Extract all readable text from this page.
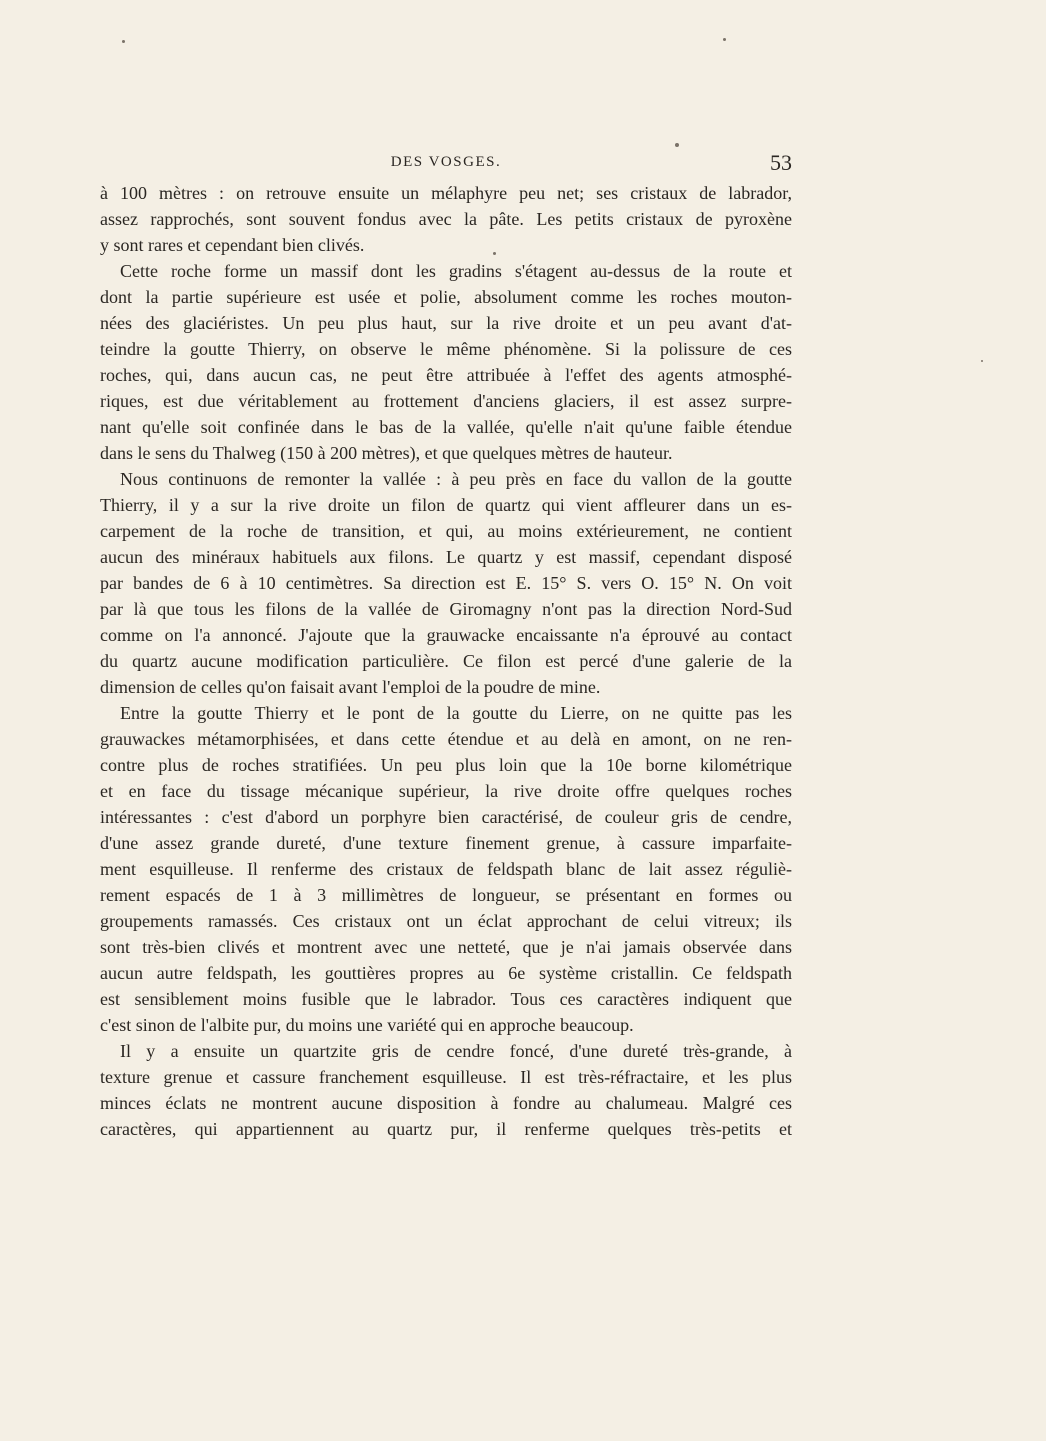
DES VOSGES.	53

à 100 mètres : on retrouve ensuite un mélaphyre peu net; ses cristaux de labrador,
assez rapprochés, sont souvent fondus avec la pâte. Les petits cristaux de pyroxène
y sont rares et cependant bien clivés.

Cette roche forme un massif dont les gradins s'étagent au-dessus de la route et
dont la partie supérieure est usée et polie, absolument comme les roches mouton-
nées des glaciéristes. Un peu plus haut, sur la rive droite et un peu avant d'at-
teindre la goutte Thierry, on observe le même phénomène. Si la polissure de ces
roches, qui, dans aucun cas, ne peut être attribuée à l'effet des agents atmosphé-
riques, est due véritablement au frottement d'anciens glaciers, il est assez surpre-
nant qu'elle soit confinée dans le bas de la vallée, qu'elle n'ait qu'une faible étendue
dans le sens du Thalweg (150 à 200 mètres), et que quelques mètres de hauteur.

Nous continuons de remonter la vallée : à peu près en face du vallon de la goutte
Thierry, il y a sur la rive droite un filon de quartz qui vient affleurer dans un es-
carpement de la roche de transition, et qui, au moins extérieurement, ne contient
aucun des minéraux habituels aux filons. Le quartz y est massif, cependant disposé
par bandes de 6 à 10 centimètres. Sa direction est E. 15° S. vers O. 15° N. On voit
par là que tous les filons de la vallée de Giromagny n'ont pas la direction Nord-Sud
comme on l'a annoncé. J'ajoute que la grauwacke encaissante n'a éprouvé au contact
du quartz aucune modification particulière. Ce filon est percé d'une galerie de la
dimension de celles qu'on faisait avant l'emploi de la poudre de mine.

Entre la goutte Thierry et le pont de la goutte du Lierre, on ne quitte pas les
grauwackes métamorphisées, et dans cette étendue et au delà en amont, on ne ren-
contre plus de roches stratifiées. Un peu plus loin que la 10e borne kilométrique
et en face du tissage mécanique supérieur, la rive droite offre quelques roches
intéressantes : c'est d'abord un porphyre bien caractérisé, de couleur gris de cendre,
d'une assez grande dureté, d'une texture finement grenue, à cassure imparfaite-
ment esquilleuse. Il renferme des cristaux de feldspath blanc de lait assez réguliè-
rement espacés de 1 à 3 millimètres de longueur, se présentant en formes ou
groupements ramassés. Ces cristaux ont un éclat approchant de celui vitreux; ils
sont très-bien clivés et montrent avec une netteté, que je n'ai jamais observée dans
aucun autre feldspath, les gouttières propres au 6e système cristallin. Ce feldspath
est sensiblement moins fusible que le labrador. Tous ces caractères indiquent que
c'est sinon de l'albite pur, du moins une variété qui en approche beaucoup.

Il y a ensuite un quartzite gris de cendre foncé, d'une dureté très-grande, à
texture grenue et cassure franchement esquilleuse. Il est très-réfractaire, et les plus
minces éclats ne montrent aucune disposition à fondre au chalumeau. Malgré ces
caractères, qui appartiennent au quartz pur, il renferme quelques très-petits et
